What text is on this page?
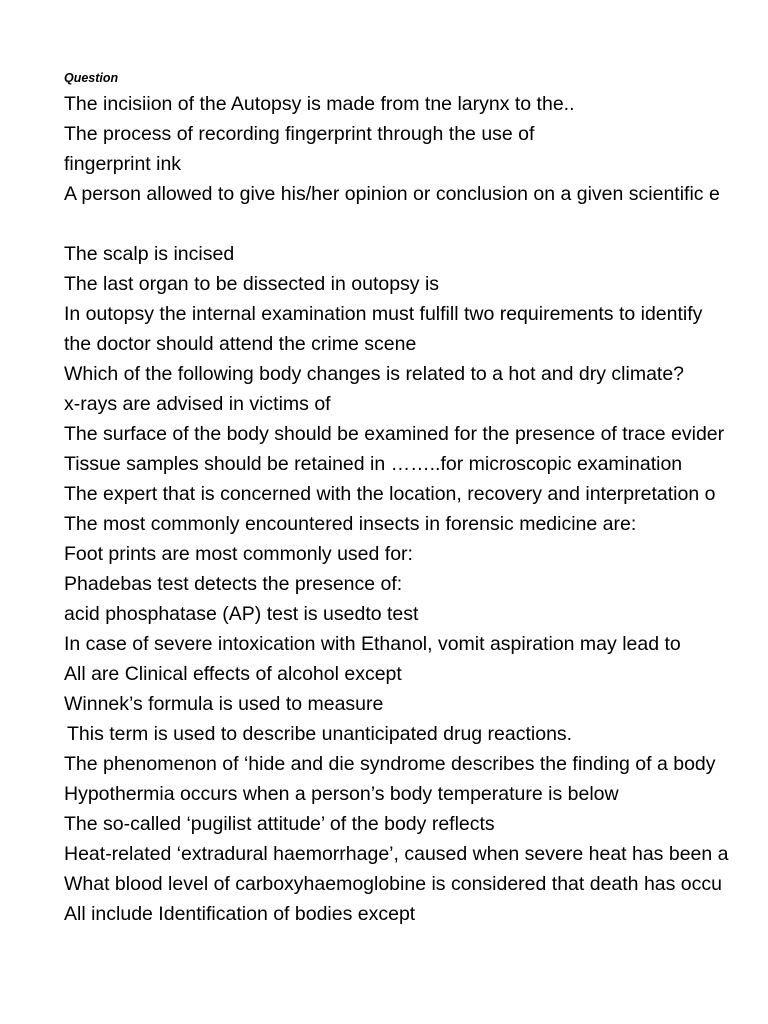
Question
The incisiion of the Autopsy is made from tne larynx to the..
The process of recording fingerprint through the use of
fingerprint ink
A person allowed to give his/her opinion or conclusion on a given scientific e
The scalp is incised
The last organ to be dissected in outopsy is
In outopsy the internal examination must fulfill two requirements to identify
the doctor should attend the crime scene
Which of the following body changes is related to a hot and dry climate?
x-rays are advised in victims of
The surface of the body should be examined for the presence of trace evider
Tissue samples should be retained in ……..for microscopic examination
The expert that is concerned with the location, recovery and interpretation o
The most commonly encountered insects in forensic medicine are:
Foot prints are most commonly used for:
Phadebas test detects the presence of:
acid phosphatase (AP) test is usedto test
In case of severe intoxication with Ethanol, vomit aspiration may lead to
All are Clinical effects of alcohol except
Winnek’s formula is used to measure
This term is used to describe unanticipated drug reactions.
The phenomenon of ‘hide and die syndrome describes the finding of a body
Hypothermia occurs when a person’s body temperature is below
The so-called ‘pugilist attitude’ of the body reflects
Heat-related ‘extradural haemorrhage’, caused when severe heat has been a
What blood level of carboxyhaemoglobine is considered that death has occu
All include Identification of bodies except
